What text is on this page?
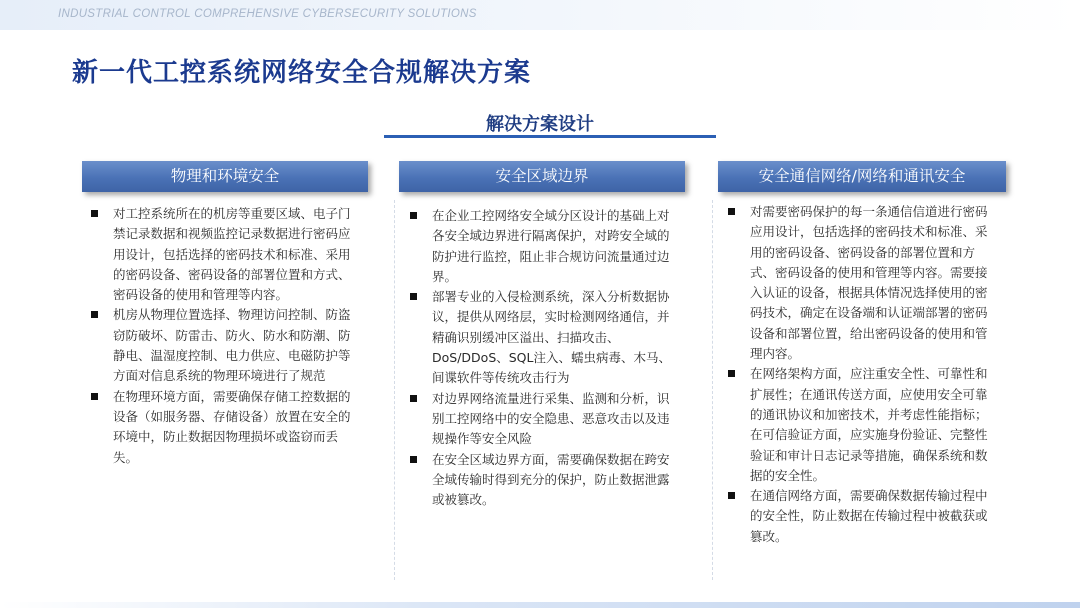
INDUSTRIAL CONTROL COMPREHENSIVE CYBERSECURITY SOLUTIONS
新一代工控系统网络安全合规解决方案
解决方案设计
物理和环境安全
对工控系统所在的机房等重要区域、电子门禁记录数据和视频监控记录数据进行密码应用设计，包括选择的密码技术和标准、采用的密码设备、密码设备的部署位置和方式、密码设备的使用和管理等内容。
机房从物理位置选择、物理访问控制、防盗窃防破坏、防雷击、防火、防水和防潮、防静电、温湿度控制、电力供应、电磁防护等方面对信息系统的物理环境进行了规范
在物理环境方面，需要确保存储工控数据的设备（如服务器、存储设备）放置在安全的环境中，防止数据因物理损坏或盗窃而丢失。
安全区域边界
在企业工控网络安全域分区设计的基础上对各安全域边界进行隔离保护，对跨安全域的防护进行监控，阻止非合规访问流量通过边界。
部署专业的入侵检测系统，深入分析数据协议，提供从网络层，实时检测网络通信，并精确识别缓冲区溢出、扫描攻击、DoS/DDoS、SQL注入、蠕虫病毒、木马、间谍软件等传统攻击行为
对边界网络流量进行采集、监测和分析，识别工控网络中的安全隐患、恶意攻击以及违规操作等安全风险
在安全区域边界方面，需要确保数据在跨安全域传输时得到充分的保护，防止数据泄露或被篡改。
安全通信网络/网络和通讯安全
对需要密码保护的每一条通信信道进行密码应用设计，包括选择的密码技术和标准、采用的密码设备、密码设备的部署位置和方式、密码设备的使用和管理等内容。需要接入认证的设备，根据具体情况选择使用的密码技术，确定在设备端和认证端部署的密码设备和部署位置，给出密码设备的使用和管理内容。
在网络架构方面，应注重安全性、可靠性和扩展性；在通讯传送方面，应使用安全可靠的通讯协议和加密技术，并考虑性能指标；在可信验证方面，应实施身份验证、完整性验证和审计日志记录等措施，确保系统和数据的安全性。
在通信网络方面，需要确保数据传输过程中的安全性，防止数据在传输过程中被截获或篡改。
